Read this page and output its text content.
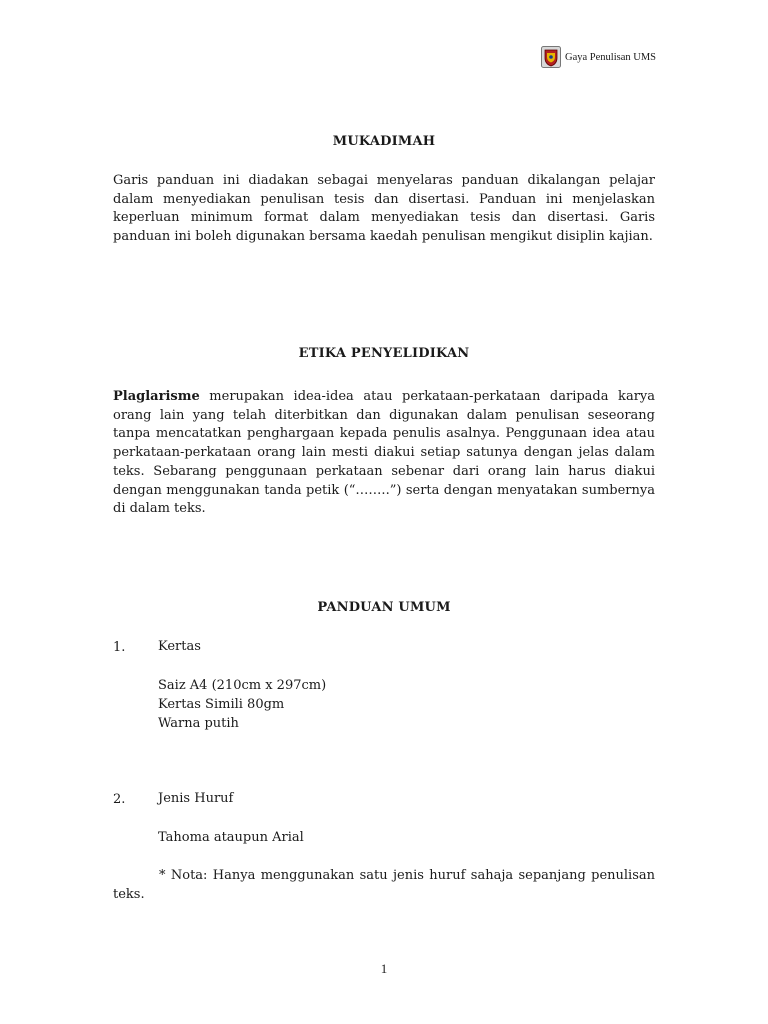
Gaya Penulisan UMS
MUKADIMAH

Garis panduan ini diadakan sebagai menyelaras panduan dikalangan pelajar dalam menyediakan penulisan tesis dan disertasi. Panduan ini menjelaskan keperluan minimum format dalam menyediakan tesis dan disertasi. Garis panduan ini boleh digunakan bersama kaedah penulisan mengikut disiplin kajian.

ETIKA PENYELIDIKAN

Plaglarisme merupakan idea-idea atau perkataan-perkataan daripada karya orang lain yang telah diterbitkan dan digunakan dalam penulisan seseorang tanpa mencatatkan penghargaan kepada penulis asalnya. Penggunaan idea atau perkataan-perkataan orang lain mesti diakui setiap satunya dengan jelas dalam teks. Sebarang penggunaan perkataan sebenar dari orang lain harus diakui dengan menggunakan tanda petik (“……..”) serta dengan menyatakan sumbernya di dalam teks.

PANDUAN UMUM
1.	Kertas
Saiz A4 (210cm x 297cm)
Kertas Simili 80gm
Warna putih
2.	Jenis Huruf
Tahoma ataupun Arial

* Nota: Hanya menggunakan satu jenis huruf sahaja sepanjang penulisan teks.

1
